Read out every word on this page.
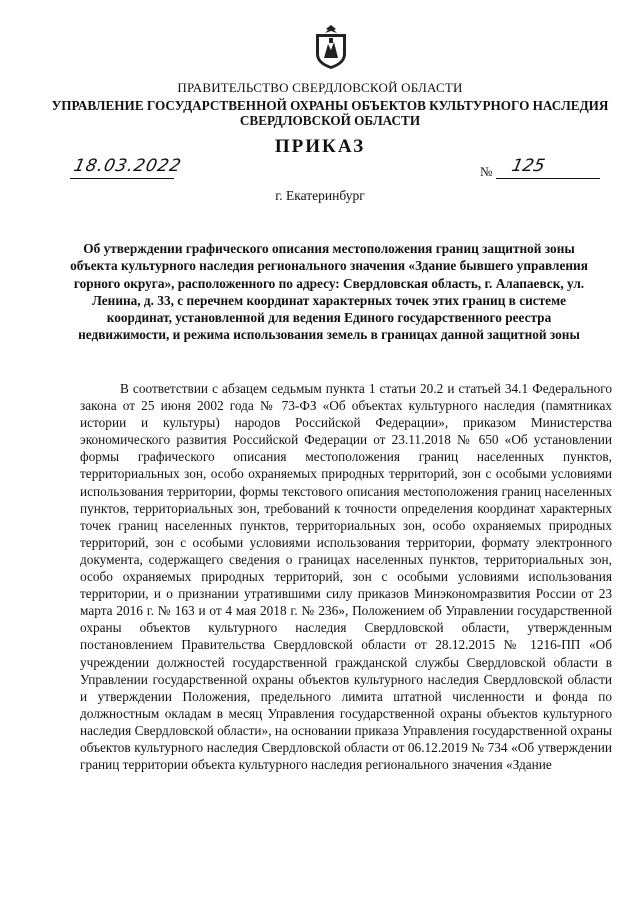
ПРАВИТЕЛЬСТВО СВЕРДЛОВСКОЙ ОБЛАСТИ
УПРАВЛЕНИЕ ГОСУДАРСТВЕННОЙ ОХРАНЫ ОБЪЕКТОВ КУЛЬТУРНОГО НАСЛЕДИЯ СВЕРДЛОВСКОЙ ОБЛАСТИ
ПРИКАЗ
18.03.2022	№ 125
г. Екатеринбург
Об утверждении графического описания местоположения границ защитной зоны объекта культурного наследия регионального значения «Здание бывшего управления горного округа», расположенного по адресу: Свердловская область, г. Алапаевск, ул. Ленина, д. 33, с перечнем координат характерных точек этих границ в системе координат, установленной для ведения Единого государственного реестра недвижимости, и режима использования земель в границах данной защитной зоны
В соответствии с абзацем седьмым пункта 1 статьи 20.2 и статьей 34.1 Федерального закона от 25 июня 2002 года № 73-ФЗ «Об объектах культурного наследия (памятниках истории и культуры) народов Российской Федерации», приказом Министерства экономического развития Российской Федерации от 23.11.2018 № 650 «Об установлении формы графического описания местоположения границ населенных пунктов, территориальных зон, особо охраняемых природных территорий, зон с особыми условиями использования территории, формы текстового описания местоположения границ населенных пунктов, территориальных зон, требований к точности определения координат характерных точек границ населенных пунктов, территориальных зон, особо охраняемых природных территорий, зон с особыми условиями использования территории, формату электронного документа, содержащего сведения о границах населенных пунктов, территориальных зон, особо охраняемых природных территорий, зон с особыми условиями использования территории, и о признании утратившими силу приказов Минэкономразвития России от 23 марта 2016 г. № 163 и от 4 мая 2018 г. № 236», Положением об Управлении государственной охраны объектов культурного наследия Свердловской области, утвержденным постановлением Правительства Свердловской области от 28.12.2015 № 1216-ПП «Об учреждении должностей государственной гражданской службы Свердловской области в Управлении государственной охраны объектов культурного наследия Свердловской области и утверждении Положения, предельного лимита штатной численности и фонда по должностным окладам в месяц Управления государственной охраны объектов культурного наследия Свердловской области», на основании приказа Управления государственной охраны объектов культурного наследия Свердловской области от 06.12.2019 № 734 «Об утверждении границ территории объекта культурного наследия регионального значения «Здание
